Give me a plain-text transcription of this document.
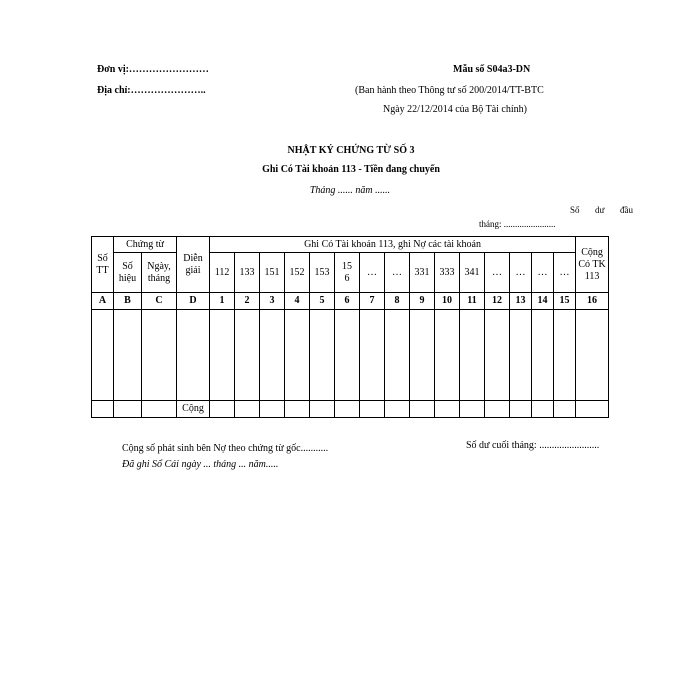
Đơn vị:……………………
Địa chỉ:…………………..
Mẫu số S04a3-DN
(Ban hành theo Thông tư số 200/2014/TT-BTC
Ngày 22/12/2014 của Bộ Tài chính)
NHẬT KÝ CHỨNG TỪ SỐ 3
Ghi Có Tài khoản 113 - Tiền đang chuyển
Tháng ...... năm ......
Số dư đầu
tháng: .......................
Số TT	Chứng từ		Diễn giải	Ghi Có Tài khoản 113, ghi Nợ các tài khoản															Cộng Có TK 113
	Số hiệu	Ngày, tháng		112	133	151	152	153	156	…	…	331	333	341	…	…	…	…	
A	B	C	D	1	2	3	4	5	6	7	8	9	10	11	12	13	14	15	16

			Cộng																
Cộng số phát sinh bên Nợ theo chứng từ gốc...........	Số dư cuối tháng: ........................
Đã ghi Sổ Cái ngày ... tháng ... năm.....
